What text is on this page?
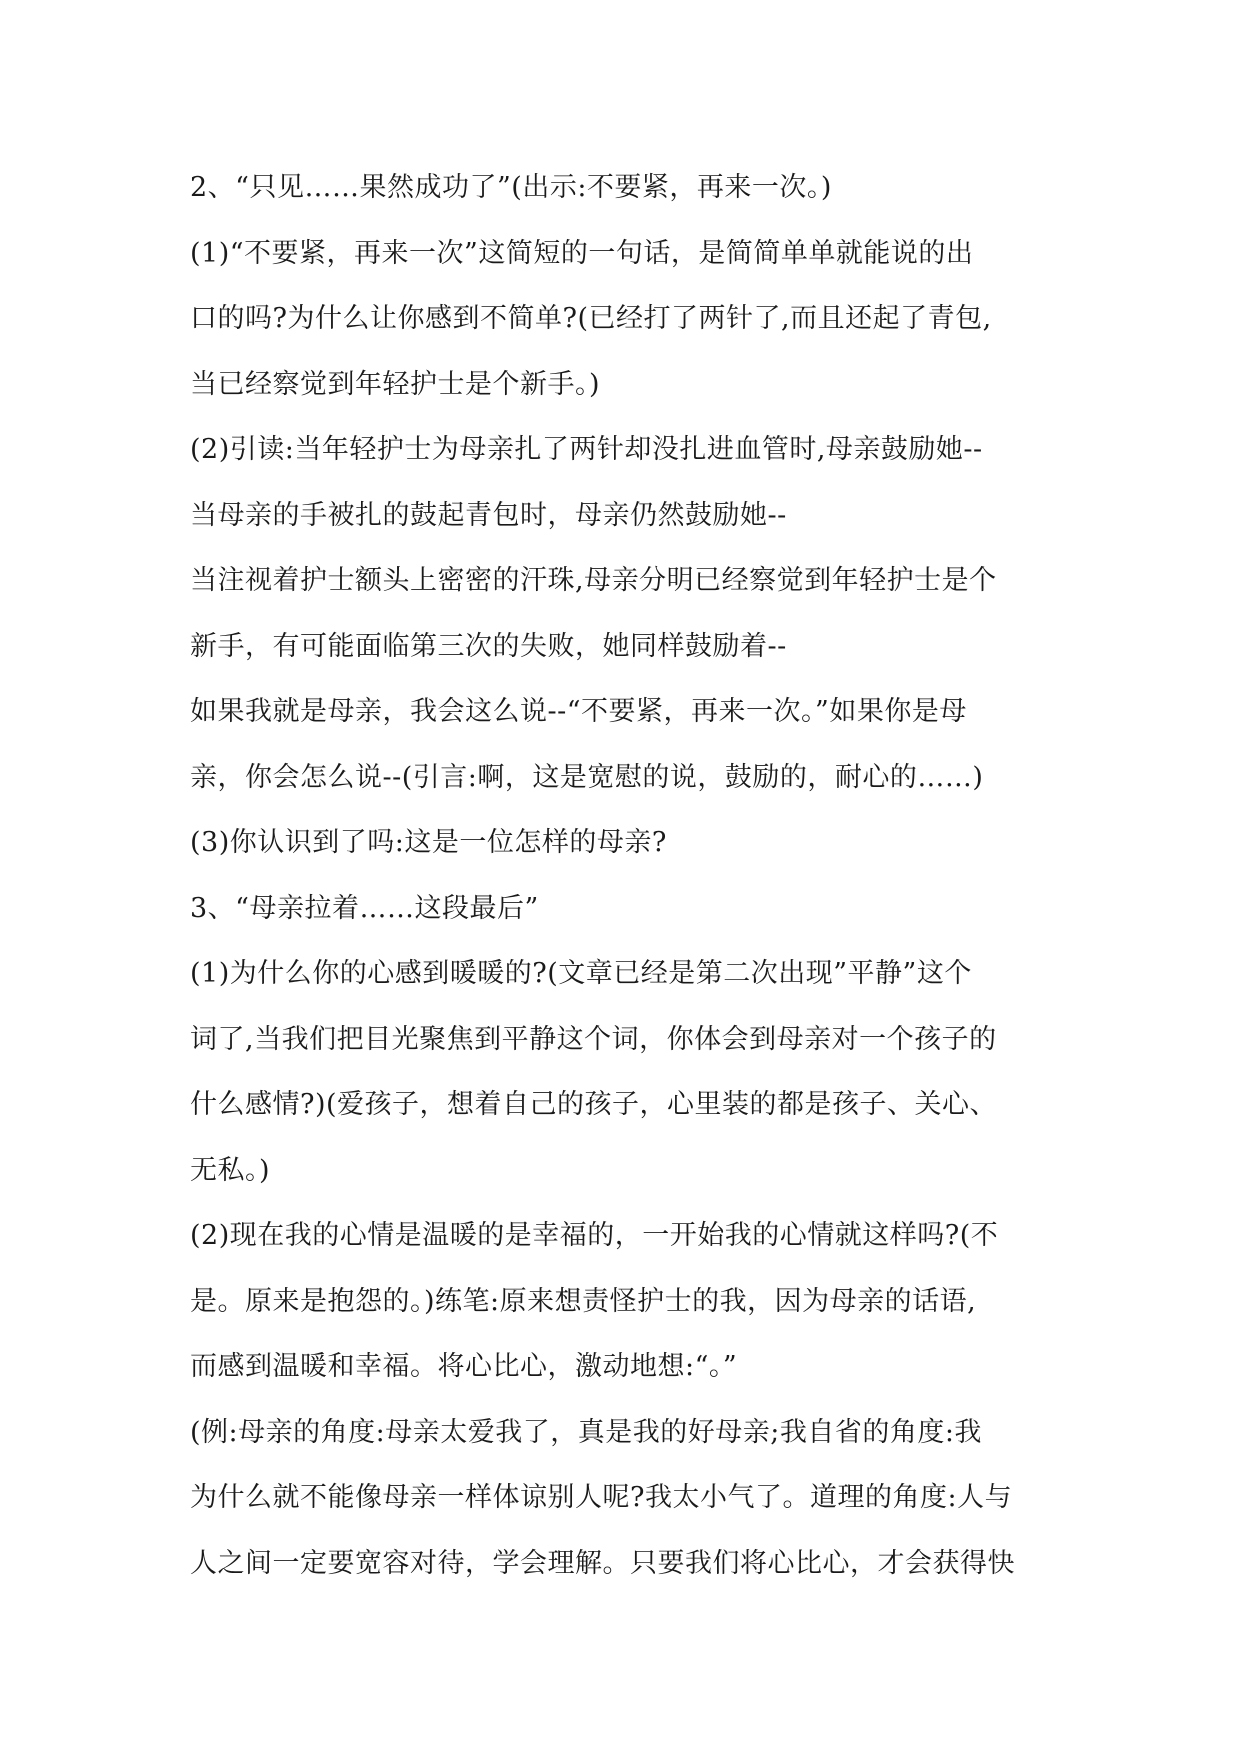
2、“只见……果然成功了”(出示:不要紧，再来一次。)
(1)“不要紧，再来一次”这简短的一句话，是简简单单就能说的出
口的吗?为什么让你感到不简单?(已经打了两针了,而且还起了青包,
当已经察觉到年轻护士是个新手。)
(2)引读:当年轻护士为母亲扎了两针却没扎进血管时,母亲鼓励她--
当母亲的手被扎的鼓起青包时，母亲仍然鼓励她--
当注视着护士额头上密密的汗珠,母亲分明已经察觉到年轻护士是个
新手，有可能面临第三次的失败，她同样鼓励着--
如果我就是母亲，我会这么说--“不要紧，再来一次。”如果你是母
亲，你会怎么说--(引言:啊，这是宽慰的说，鼓励的，耐心的……)
(3)你认识到了吗:这是一位怎样的母亲?
3、“母亲拉着……这段最后”
(1)为什么你的心感到暖暖的?(文章已经是第二次出现”平静”这个
词了,当我们把目光聚焦到平静这个词，你体会到母亲对一个孩子的
什么感情?)(爱孩子，想着自己的孩子，心里装的都是孩子、关心、
无私。)
(2)现在我的心情是温暖的是幸福的，一开始我的心情就这样吗?(不
是。原来是抱怨的。)练笔:原来想责怪护士的我，因为母亲的话语,
而感到温暖和幸福。将心比心，激动地想:“。”
(例:母亲的角度:母亲太爱我了，真是我的好母亲;我自省的角度:我
为什么就不能像母亲一样体谅别人呢?我太小气了。道理的角度:人与
人之间一定要宽容对待，学会理解。只要我们将心比心，才会获得快
